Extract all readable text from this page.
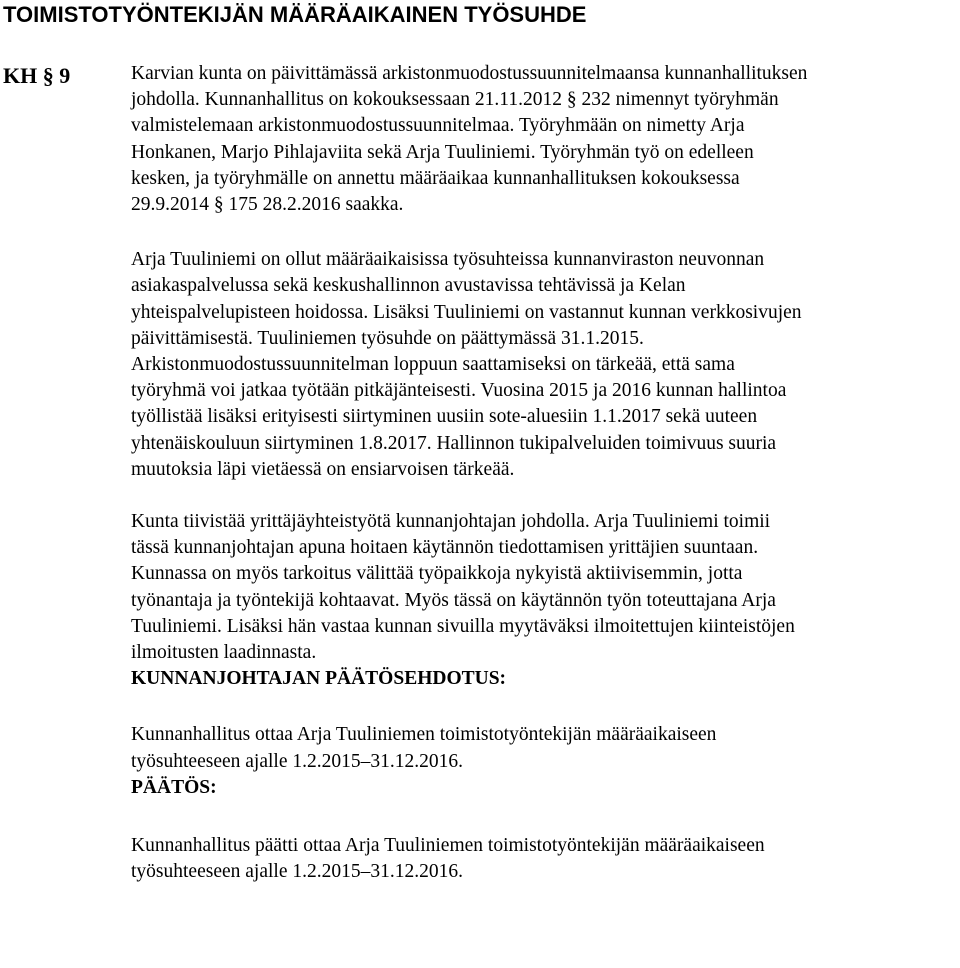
TOIMISTOTYÖNTEKIJÄN MÄÄRÄAIKAINEN TYÖSUHDE
KH § 9	Karvian kunta on päivittämässä arkistonmuodostussuunnitelmaansa kunnanhallituksen
johdolla. Kunnanhallitus on kokouksessaan 21.11.2012 § 232 nimennyt työryhmän
valmistelemaan arkistonmuodostussuunnitelmaa. Työryhmään on nimetty Arja
Honkanen, Marjo Pihlajaviita sekä Arja Tuuliniemi. Työryhmän työ on edelleen
kesken, ja työryhmälle on annettu määräaikaa kunnanhallituksen kokouksessa
29.9.2014 § 175 28.2.2016 saakka.

Arja Tuuliniemi on ollut määräaikaisissa työsuhteissa kunnanviraston neuvonnan
asiakaspalvelussa sekä keskushallinnon avustavissa tehtävissä ja Kelan
yhteispalvelupisteen hoidossa. Lisäksi Tuuliniemi on vastannut kunnan verkkosivujen
päivittämisestä. Tuuliniemen työsuhde on päättymässä 31.1.2015.
Arkistonmuodostussuunnitelman loppuun saattamiseksi on tärkeää, että sama
työryhmä voi jatkaa työtään pitkäjänteisesti. Vuosina 2015 ja 2016 kunnan hallintoa
työllistää lisäksi erityisesti siirtyminen uusiin sote-aluesiin 1.1.2017 sekä uuteen
yhtenäiskouluun siirtyminen 1.8.2017. Hallinnon tukipalveluiden toimivuus suuria
muutoksia läpi vietäessä on ensiarvoisen tärkeää.

Kunta tiivistää yrittäjäyhteistyötä kunnanjohtajan johdolla. Arja Tuuliniemi toimii
tässä kunnanjohtajan apuna hoitaen käytännön tiedottamisen yrittäjien suuntaan.
Kunnassa on myös tarkoitus välittää työpaikkoja nykyistä aktiivisemmin, jotta
työnantaja ja työntekijä kohtaavat. Myös tässä on käytännön työn toteuttajana Arja
Tuuliniemi. Lisäksi hän vastaa kunnan sivuilla myytäväksi ilmoitettujen kiinteistöjen
ilmoitusten laadinnasta.

KUNNANJOHTAJAN PÄÄTÖSEHDOTUS:

Kunnanhallitus ottaa Arja Tuuliniemen toimistotyöntekijän määräaikaiseen
työsuhteeseen ajalle 1.2.2015–31.12.2016.

PÄÄTÖS:

Kunnanhallitus päätti ottaa Arja Tuuliniemen toimistotyöntekijän määräaikaiseen
työsuhteeseen ajalle 1.2.2015–31.12.2016.
